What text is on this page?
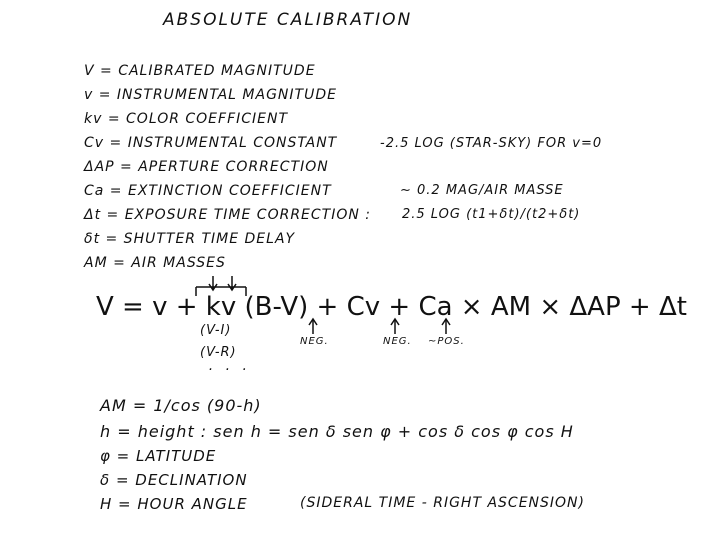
ABSOLUTE CALIBRATION
V = CALIBRATED MAGNITUDE
v = INSTRUMENTAL MAGNITUDE
kv = COLOR COEFFICIENT
Cv = INSTRUMENTAL CONSTANT
ΔAP = APERTURE CORRECTION
Ca = EXTINCTION COEFFICIENT
Δt = EXPOSURE TIME CORRECTION :
δt = SHUTTER TIME DELAY
AM = AIR MASSES
-2.5 LOG (STAR-SKY) FOR v=0
~ 0.2 MAG/AIR MASSE
2.5 LOG (t1+δt)/(t2+δt)
V = v + kv (B-V) + Cv + Ca × AM × ΔAP + Δt
(V-I)
(V-R)
· · ·
NEG.	NEG. ~POS.
AM = 1/cos (90-h)
h = height : sen h = sen δ sen φ + cos δ cos φ cos H
φ = LATITUDE
δ = DECLINATION
H = HOUR ANGLE	(SIDERAL TIME - RIGHT ASCENSION)
